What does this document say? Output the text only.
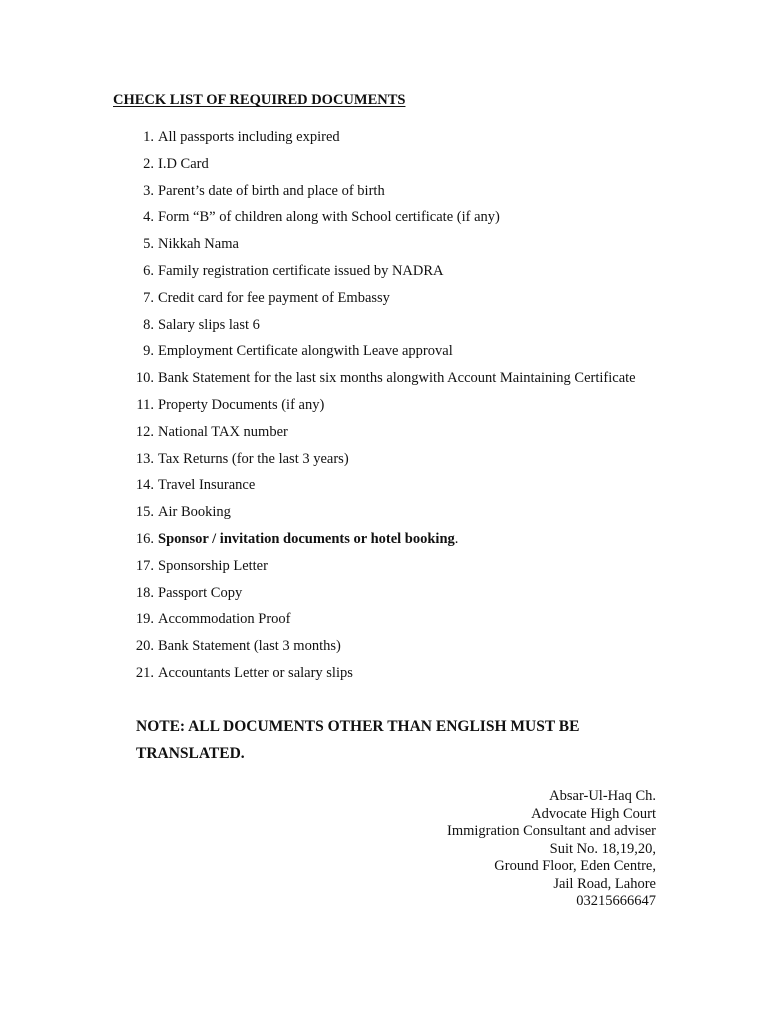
CHECK LIST OF REQUIRED DOCUMENTS
1. All passports including expired
2. I.D Card
3. Parent’s date of birth and place of birth
4. Form “B” of children along with School certificate (if any)
5. Nikkah Nama
6. Family registration certificate issued by NADRA
7. Credit card for fee payment of Embassy
8. Salary slips last 6
9. Employment Certificate alongwith Leave approval
10. Bank Statement for the last six months alongwith Account Maintaining Certificate
11. Property Documents (if any)
12. National TAX number
13. Tax Returns (for the last 3 years)
14. Travel Insurance
15. Air Booking
16. Sponsor / invitation documents or hotel booking.
17. Sponsorship Letter
18. Passport Copy
19. Accommodation Proof
20. Bank Statement (last 3 months)
21. Accountants Letter or salary slips
NOTE: ALL DOCUMENTS OTHER THAN ENGLISH MUST BE
TRANSLATED.
Absar-Ul-Haq Ch.
Advocate High Court
Immigration Consultant and adviser
Suit No. 18,19,20,
Ground Floor, Eden Centre,
Jail Road, Lahore
03215666647
